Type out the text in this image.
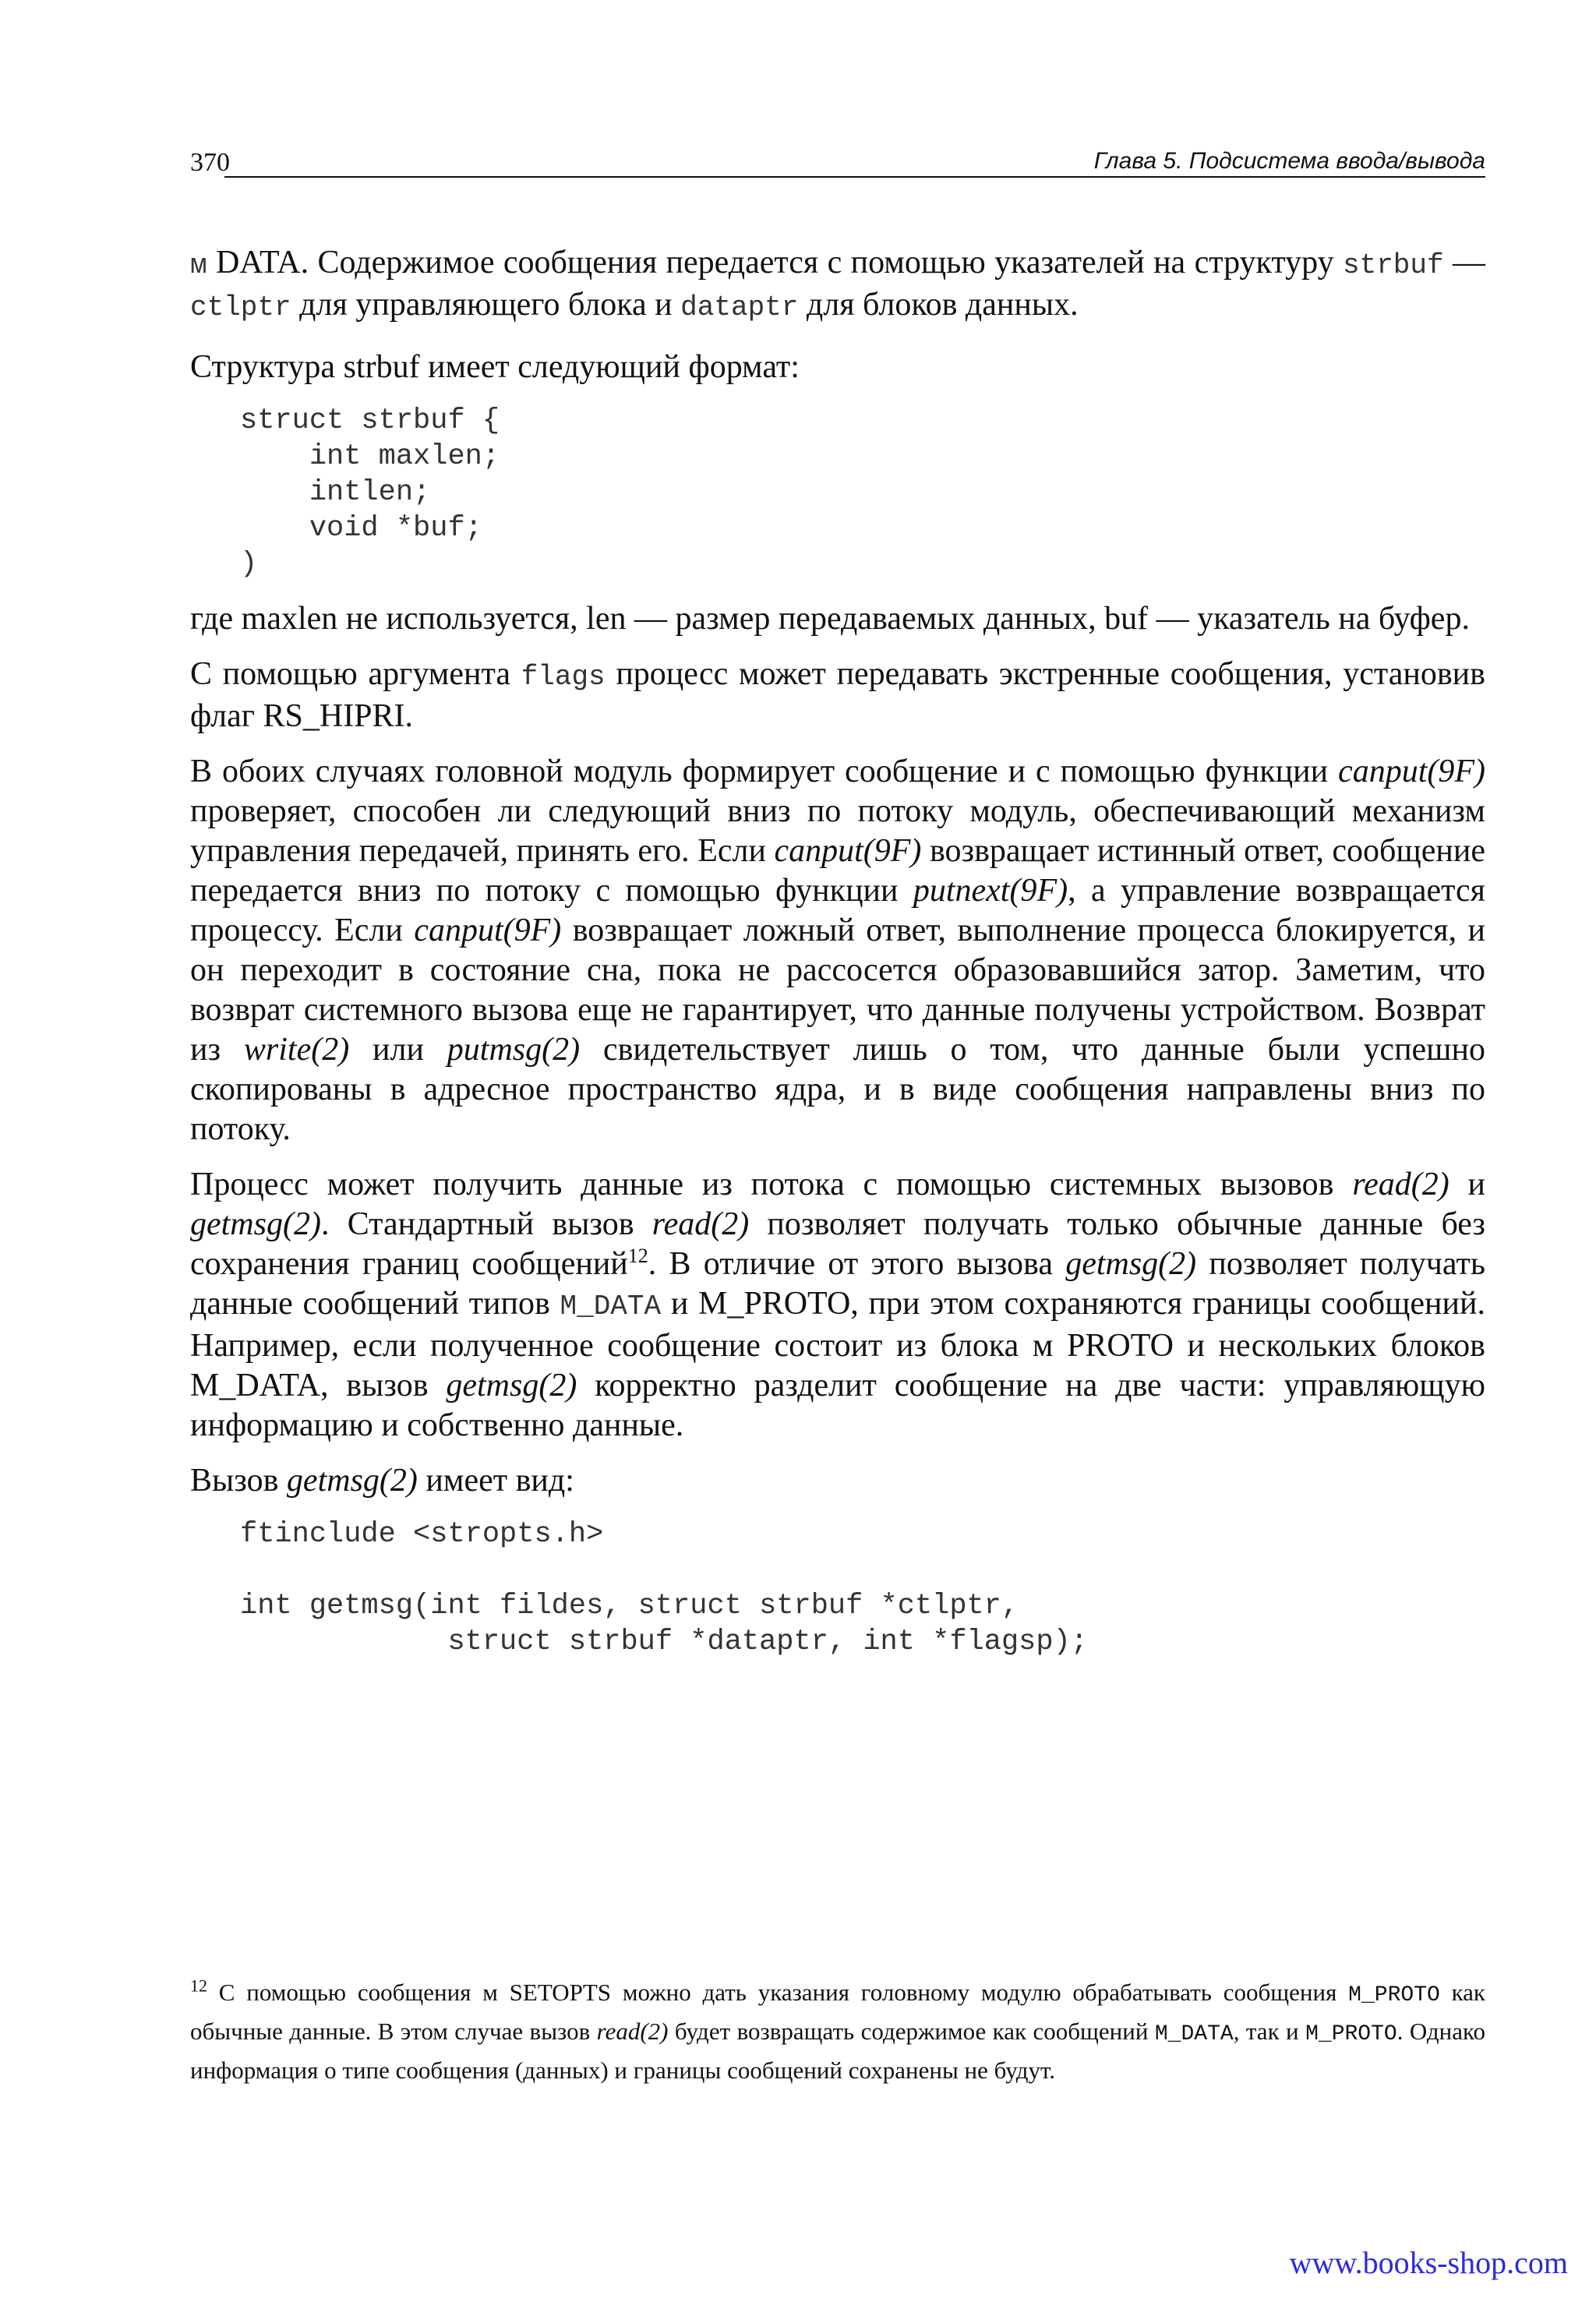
370	Глава 5. Подсистема ввода/вывода

м DATA. Содержимое сообщения передается с помощью указателей на структуру strbuf — ctlptr для управляющего блока и dataptr для блоков данных.

Структура strbuf имеет следующий формат:

struct strbuf {
int maxlen;
intlen;
void *buf;
)

где maxlen не используется, len — размер передаваемых данных, buf — указатель на буфер.

С помощью аргумента flags процесс может передавать экстренные сообщения, установив флаг RS_HIPRI.

В обоих случаях головной модуль формирует сообщение и с помощью функции canput(9F) проверяет, способен ли следующий вниз по потоку модуль, обеспечивающий механизм управления передачей, принять его. Если canput(9F) возвращает истинный ответ, сообщение передается вниз по потоку с помощью функции putnext(9F), а управление возвращается процессу. Если canput(9F) возвращает ложный ответ, выполнение процесса блокируется, и он переходит в состояние сна, пока не рассосется образовавшийся затор. Заметим, что возврат системного вызова еще не гарантирует, что данные получены устройством. Возврат из write(2) или putmsg(2) свидетельствует лишь о том, что данные были успешно скопированы в адресное пространство ядра, и в виде сообщения направлены вниз по потоку.

Процесс может получить данные из потока с помощью системных вызовов read(2) и getmsg(2). Стандартный вызов read(2) позволяет получать только обычные данные без сохранения границ сообщений$^{12}$. В отличие от этого вызова getmsg(2) позволяет получать данные сообщений типов M_DATA и M_PROTO, при этом сохраняются границы сообщений. Например, если полученное сообщение состоит из блока м PROTO и нескольких блоков M_DATA, вызов getmsg(2) корректно разделит сообщение на две части: управляющую информацию и собственно данные.

Вызов getmsg(2) имеет вид:

ftinclude <stropts.h>

int getmsg(int fildes, struct strbuf *ctlptr,
struct strbuf *dataptr, int *flagsp);
$^{12}$ С помощью сообщения м SETOPTS можно дать указания головному модулю обрабатывать сообщения M_PROTO как обычные данные. В этом случае вызов read(2) будет возвращать содержимое как сообщений M_DATA, так и M_PROTO. Однако информация о типе сообщения (данных) и границы сообщений сохранены не будут.
www.books-shop.com
